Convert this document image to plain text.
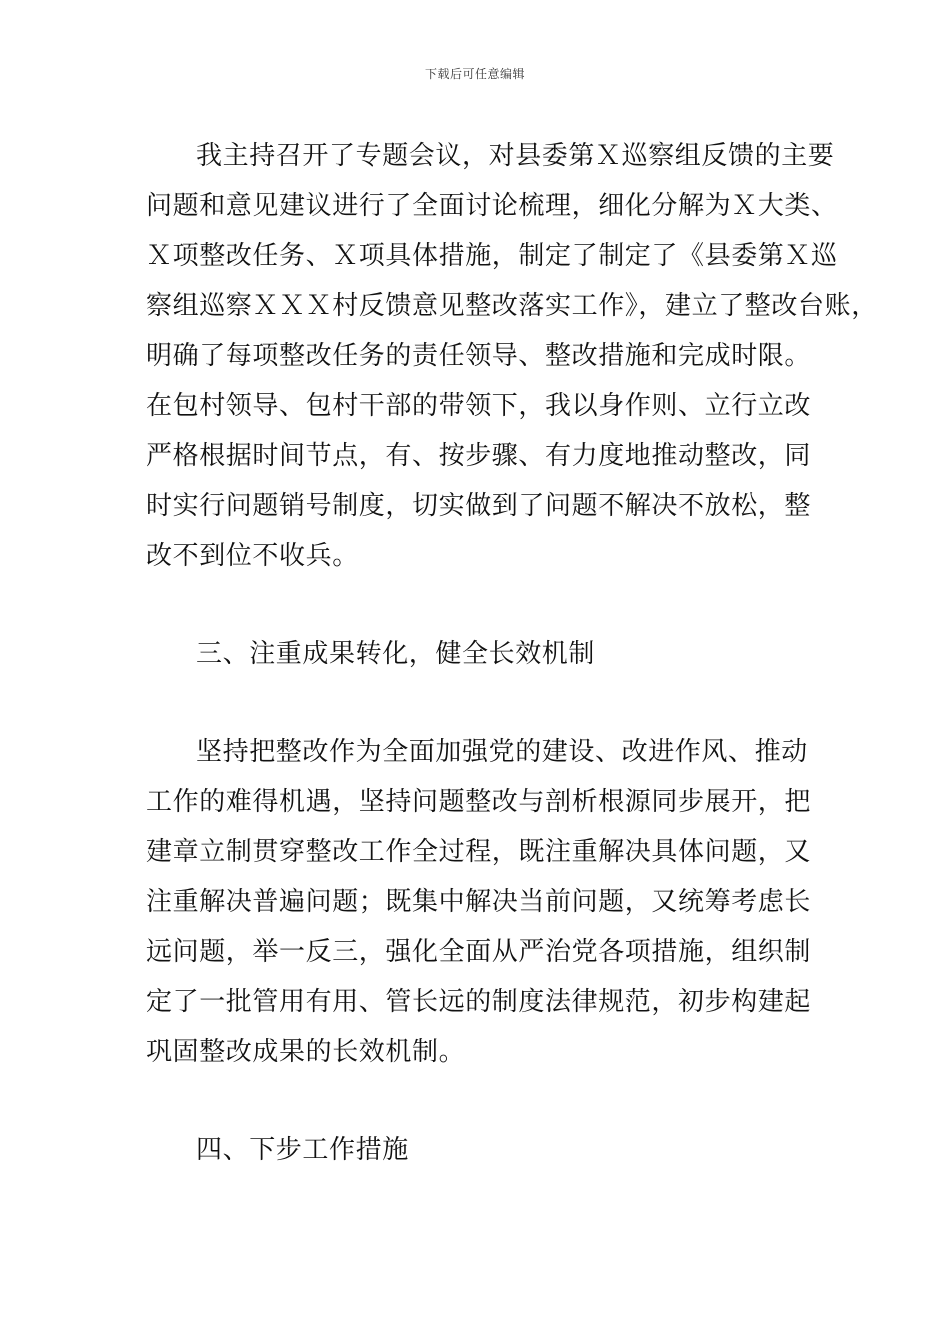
下载后可任意编辑
我主持召开了专题会议，对县委第Ｘ巡察组反馈的主要
问题和意见建议进行了全面讨论梳理，细化分解为Ｘ大类、
Ｘ项整改任务、Ｘ项具体措施，制定了制定了《县委第Ｘ巡
察组巡察ＸＸＸ村反馈意见整改落实工作》，建立了整改台账，
明确了每项整改任务的责任领导、整改措施和完成时限。
在包村领导、包村干部的带领下，我以身作则、立行立改
严格根据时间节点，有、按步骤、有力度地推动整改，同
时实行问题销号制度，切实做到了问题不解决不放松，整
改不到位不收兵。
三、注重成果转化，健全长效机制
坚持把整改作为全面加强党的建设、改进作风、推动
工作的难得机遇，坚持问题整改与剖析根源同步展开，把
建章立制贯穿整改工作全过程，既注重解决具体问题，又
注重解决普遍问题；既集中解决当前问题，又统筹考虑长
远问题，举一反三，强化全面从严治党各项措施，组织制
定了一批管用有用、管长远的制度法律规范，初步构建起
巩固整改成果的长效机制。
四、下步工作措施
